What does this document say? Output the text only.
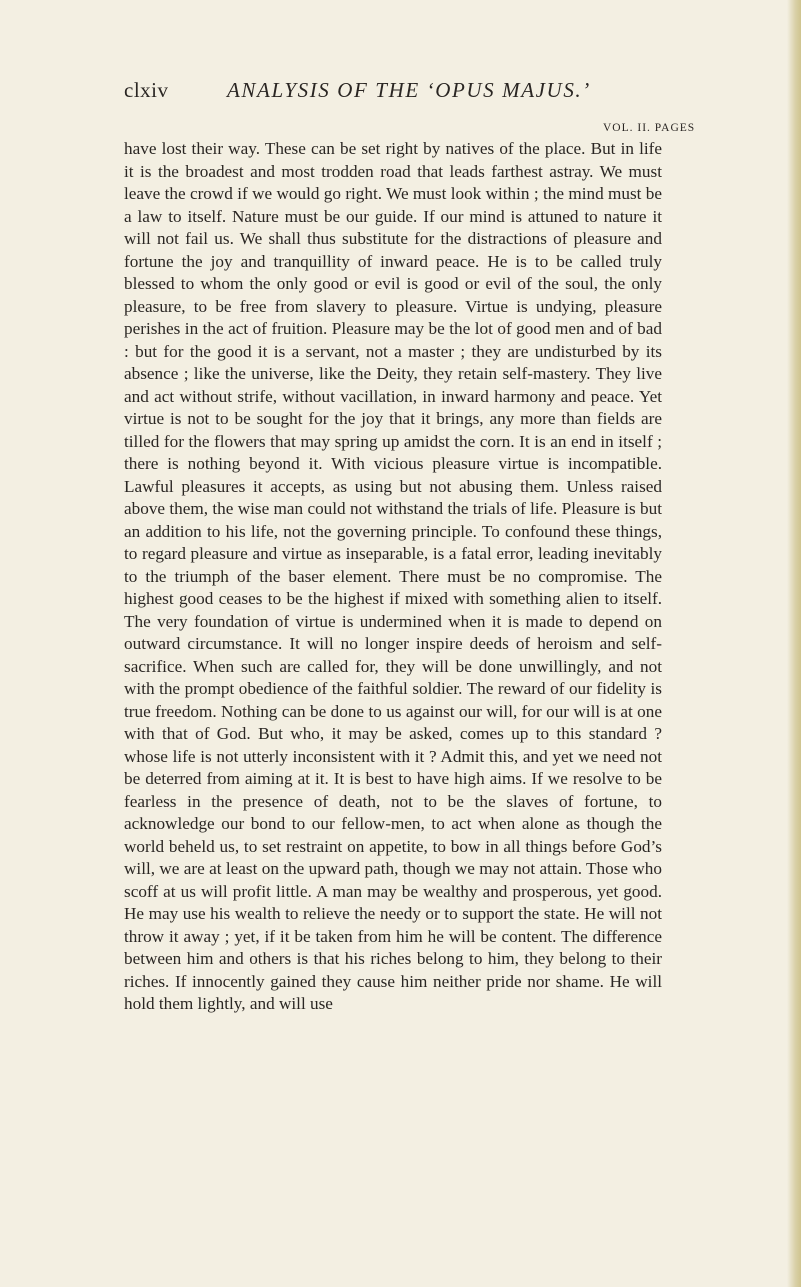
clxiv	ANALYSIS OF THE ‘OPUS MAJUS.’
VOL. II. PAGES

have lost their way. These can be set right by natives of the place. But in life it is the broadest and most trodden road that leads farthest astray. We must leave the crowd if we would go right. We must look within ; the mind must be a law to itself. Nature must be our guide. If our mind is attuned to nature it will not fail us. We shall thus substitute for the distractions of pleasure and fortune the joy and tranquillity of inward peace. He is to be called truly blessed to whom the only good or evil is good or evil of the soul, the only pleasure, to be free from slavery to pleasure. Virtue is undying, pleasure perishes in the act of fruition. Pleasure may be the lot of good men and of bad : but for the good it is a servant, not a master ; they are undisturbed by its absence ; like the universe, like the Deity, they retain self-mastery. They live and act without strife, without vacillation, in inward harmony and peace. Yet virtue is not to be sought for the joy that it brings, any more than fields are tilled for the flowers that may spring up amidst the corn. It is an end in itself ; there is nothing beyond it. With vicious pleasure virtue is incompatible. Lawful pleasures it accepts, as using but not abusing them. Unless raised above them, the wise man could not withstand the trials of life. Pleasure is but an addition to his life, not the governing principle. To confound these things, to regard pleasure and virtue as inseparable, is a fatal error, leading inevitably to the triumph of the baser element. There must be no compromise. The highest good ceases to be the highest if mixed with something alien to itself. The very foundation of virtue is undermined when it is made to depend on outward circumstance. It will no longer inspire deeds of heroism and self-sacrifice. When such are called for, they will be done unwillingly, and not with the prompt obedience of the faithful soldier. The reward of our fidelity is true freedom. Nothing can be done to us against our will, for our will is at one with that of God. But who, it may be asked, comes up to this standard ? whose life is not utterly inconsistent with it ? Admit this, and yet we need not be deterred from aiming at it. It is best to have high aims. If we resolve to be fearless in the presence of death, not to be the slaves of fortune, to acknowledge our bond to our fellow-men, to act when alone as though the world beheld us, to set restraint on appetite, to bow in all things before God’s will, we are at least on the upward path, though we may not attain. Those who scoff at us will profit little. A man may be wealthy and prosperous, yet good. He may use his wealth to relieve the needy or to support the state. He will not throw it away ; yet, if it be taken from him he will be content. The difference between him and others is that his riches belong to him, they belong to their riches. If innocently gained they cause him neither pride nor shame. He will hold them lightly, and will use
